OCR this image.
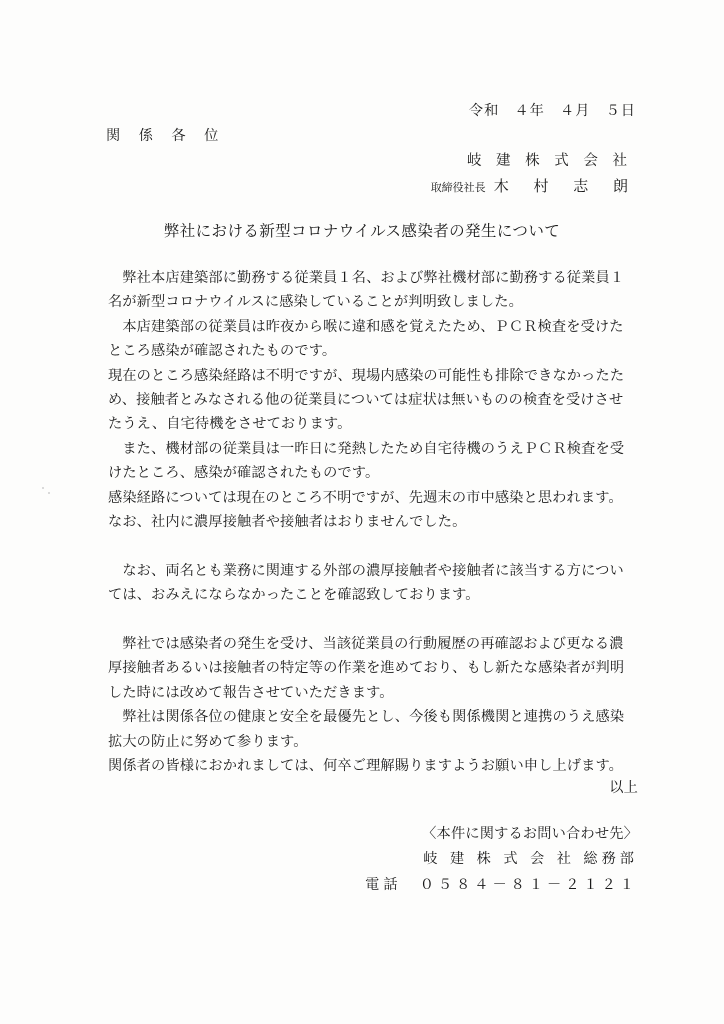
令和　４年　４月　５日
関 係 各 位
岐 建 株 式 会 社
取締役社長 木 村 志 朗
弊社における新型コロナウイルス感染者の発生について

　弊社本店建築部に勤務する従業員１名、および弊社機材部に勤務する従業員１

名が新型コロナウイルスに感染していることが判明致しました。

　本店建築部の従業員は昨夜から喉に違和感を覚えたため、ＰＣＲ検査を受けた

ところ感染が確認されたものです。

現在のところ感染経路は不明ですが、現場内感染の可能性も排除できなかったた

め、接触者とみなされる他の従業員については症状は無いものの検査を受けさせ

たうえ、自宅待機をさせております。

　また、機材部の従業員は一昨日に発熱したため自宅待機のうえＰＣＲ検査を受

けたところ、感染が確認されたものです。

感染経路については現在のところ不明ですが、先週末の市中感染と思われます。

なお、社内に濃厚接触者や接触者はおりませんでした。

　なお、両名とも業務に関連する外部の濃厚接触者や接触者に該当する方につい

ては、おみえにならなかったことを確認致しております。

　弊社では感染者の発生を受け、当該従業員の行動履歴の再確認および更なる濃

厚接触者あるいは接触者の特定等の作業を進めており、もし新たな感染者が判明

した時には改めて報告させていただきます。

　弊社は関係各位の健康と安全を最優先とし、今後も関係機関と連携のうえ感染

拡大の防止に努めて参ります。

関係者の皆様におかれましては、何卒ご理解賜りますようお願い申し上げます。

以上
〈本件に関するお問い合わせ先〉
岐 建 株 式 会 社 総務部
電話　０５８４－８１－２１２１
